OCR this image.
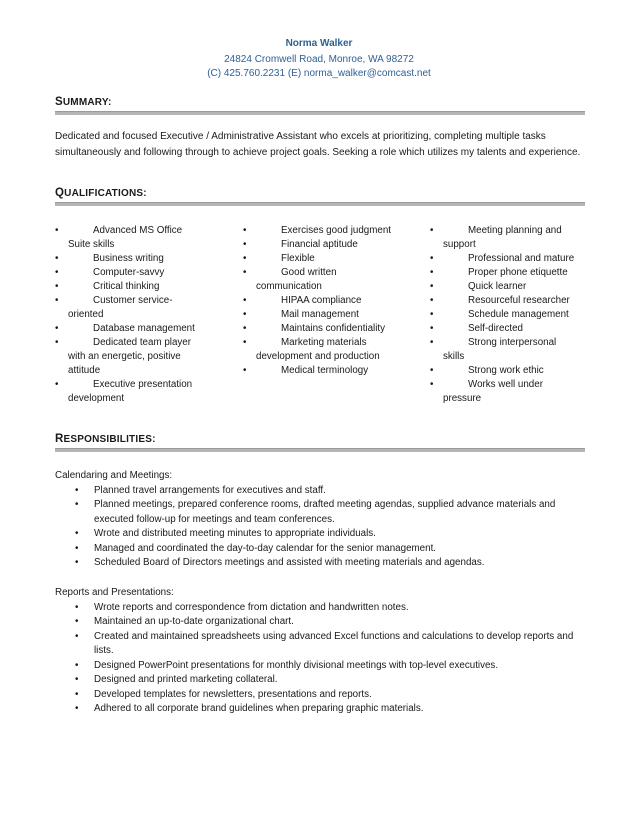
Norma Walker
24824 Cromwell Road, Monroe, WA 98272
(C) 425.760.2231 (E) norma_walker@comcast.net
SUMMARY:
Dedicated and focused Executive / Administrative Assistant who excels at prioritizing, completing multiple tasks simultaneously and following through to achieve project goals. Seeking a role which utilizes my talents and experience.
QUALIFICATIONS:
•	Advanced MS Office Suite skills
•	Business writing
•	Computer-savvy
•	Critical thinking
•	Customer service-oriented
•	Database management
•	Dedicated team player with an energetic, positive attitude
•	Executive presentation development
•	Exercises good judgment
•	Financial aptitude
•	Flexible
•	Good written communication
•	HIPAA compliance
•	Mail management
•	Maintains confidentiality
•	Marketing materials development and production
•	Medical terminology
•	Meeting planning and support
•	Professional and mature
•	Proper phone etiquette
•	Quick learner
•	Resourceful researcher
•	Schedule management
•	Self-directed
•	Strong interpersonal skills
•	Strong work ethic
•	Works well under pressure
RESPONSIBILITIES:
Calendaring and Meetings:
• Planned travel arrangements for executives and staff.
• Planned meetings, prepared conference rooms, drafted meeting agendas, supplied advance materials and executed follow-up for meetings and team conferences.
• Wrote and distributed meeting minutes to appropriate individuals.
• Managed and coordinated the day-to-day calendar for the senior management.
• Scheduled Board of Directors meetings and assisted with meeting materials and agendas.
Reports and Presentations:
• Wrote reports and correspondence from dictation and handwritten notes.
• Maintained an up-to-date organizational chart.
• Created and maintained spreadsheets using advanced Excel functions and calculations to develop reports and lists.
• Designed PowerPoint presentations for monthly divisional meetings with top-level executives.
• Designed and printed marketing collateral.
• Developed templates for newsletters, presentations and reports.
• Adhered to all corporate brand guidelines when preparing graphic materials.
